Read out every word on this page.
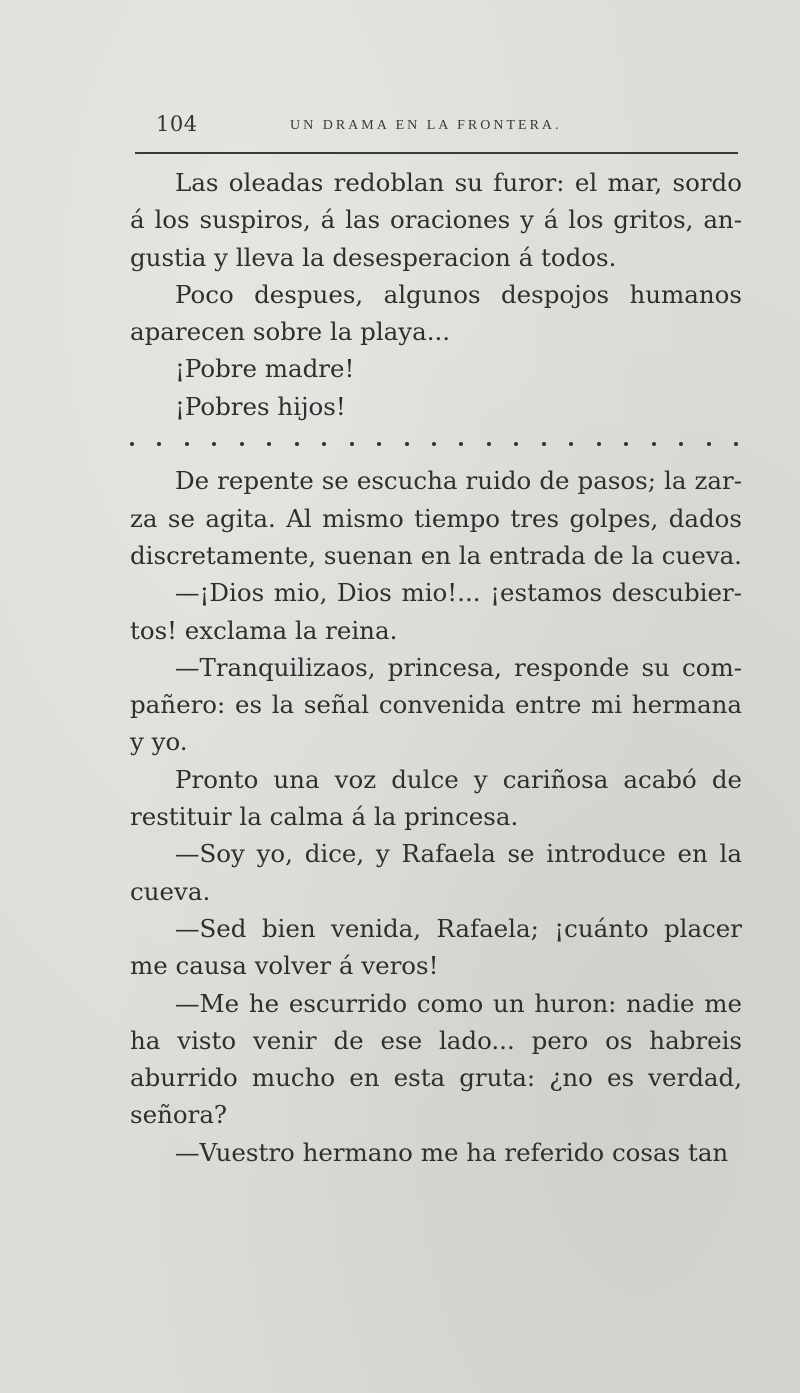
104	UN DRAMA EN LA FRONTERA.

Las oleadas redoblan su furor: el mar, sordo á los suspiros, á las oraciones y á los gritos, angustia y lleva la desesperacion á todos.

Poco despues, algunos despojos humanos aparecen sobre la playa...

¡Pobre madre!

¡Pobres hijos!

De repente se escucha ruido de pasos; la zarza se agita. Al mismo tiempo tres golpes, dados discretamente, suenan en la entrada de la cueva.

—¡Dios mio, Dios mio!... ¡estamos descubiertos! exclama la reina.

—Tranquilizaos, princesa, responde su compañero: es la señal convenida entre mi hermana y yo.

Pronto una voz dulce y cariñosa acabó de restituir la calma á la princesa.

—Soy yo, dice, y Rafaela se introduce en la cueva.

—Sed bien venida, Rafaela; ¡cuánto placer me causa volver á veros!

—Me he escurrido como un huron: nadie me ha visto venir de ese lado... pero os habreis aburrido mucho en esta gruta: ¿no es verdad, señora?

—Vuestro hermano me ha referido cosas tan
